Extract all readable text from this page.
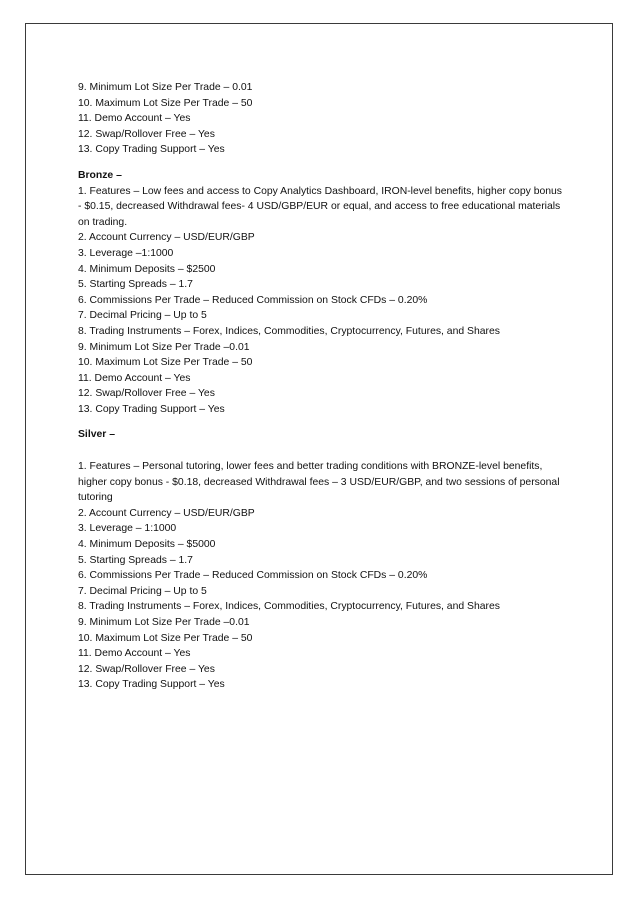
9. Minimum Lot Size Per Trade – 0.01
10. Maximum Lot Size Per Trade – 50
11. Demo Account – Yes
12. Swap/Rollover Free – Yes
13. Copy Trading Support – Yes
Bronze –
1. Features – Low fees and access to Copy Analytics Dashboard, IRON-level benefits, higher copy bonus - $0.15, decreased Withdrawal fees- 4 USD/GBP/EUR or equal, and access to free educational materials on trading.
2. Account Currency – USD/EUR/GBP
3. Leverage –1:1000
4. Minimum Deposits – $2500
5. Starting Spreads – 1.7
6. Commissions Per Trade – Reduced Commission on Stock CFDs – 0.20%
7. Decimal Pricing – Up to 5
8. Trading Instruments – Forex, Indices, Commodities, Cryptocurrency, Futures, and Shares
9. Minimum Lot Size Per Trade –0.01
10. Maximum Lot Size Per Trade – 50
11. Demo Account – Yes
12. Swap/Rollover Free – Yes
13. Copy Trading Support – Yes
Silver –
1. Features – Personal tutoring, lower fees and better trading conditions with BRONZE-level benefits, higher copy bonus - $0.18, decreased Withdrawal fees – 3 USD/EUR/GBP, and two sessions of personal tutoring
2. Account Currency – USD/EUR/GBP
3. Leverage – 1:1000
4. Minimum Deposits – $5000
5. Starting Spreads – 1.7
6. Commissions Per Trade – Reduced Commission on Stock CFDs – 0.20%
7. Decimal Pricing – Up to 5
8. Trading Instruments – Forex, Indices, Commodities, Cryptocurrency, Futures, and Shares
9. Minimum Lot Size Per Trade –0.01
10. Maximum Lot Size Per Trade – 50
11. Demo Account – Yes
12. Swap/Rollover Free – Yes
13. Copy Trading Support – Yes
